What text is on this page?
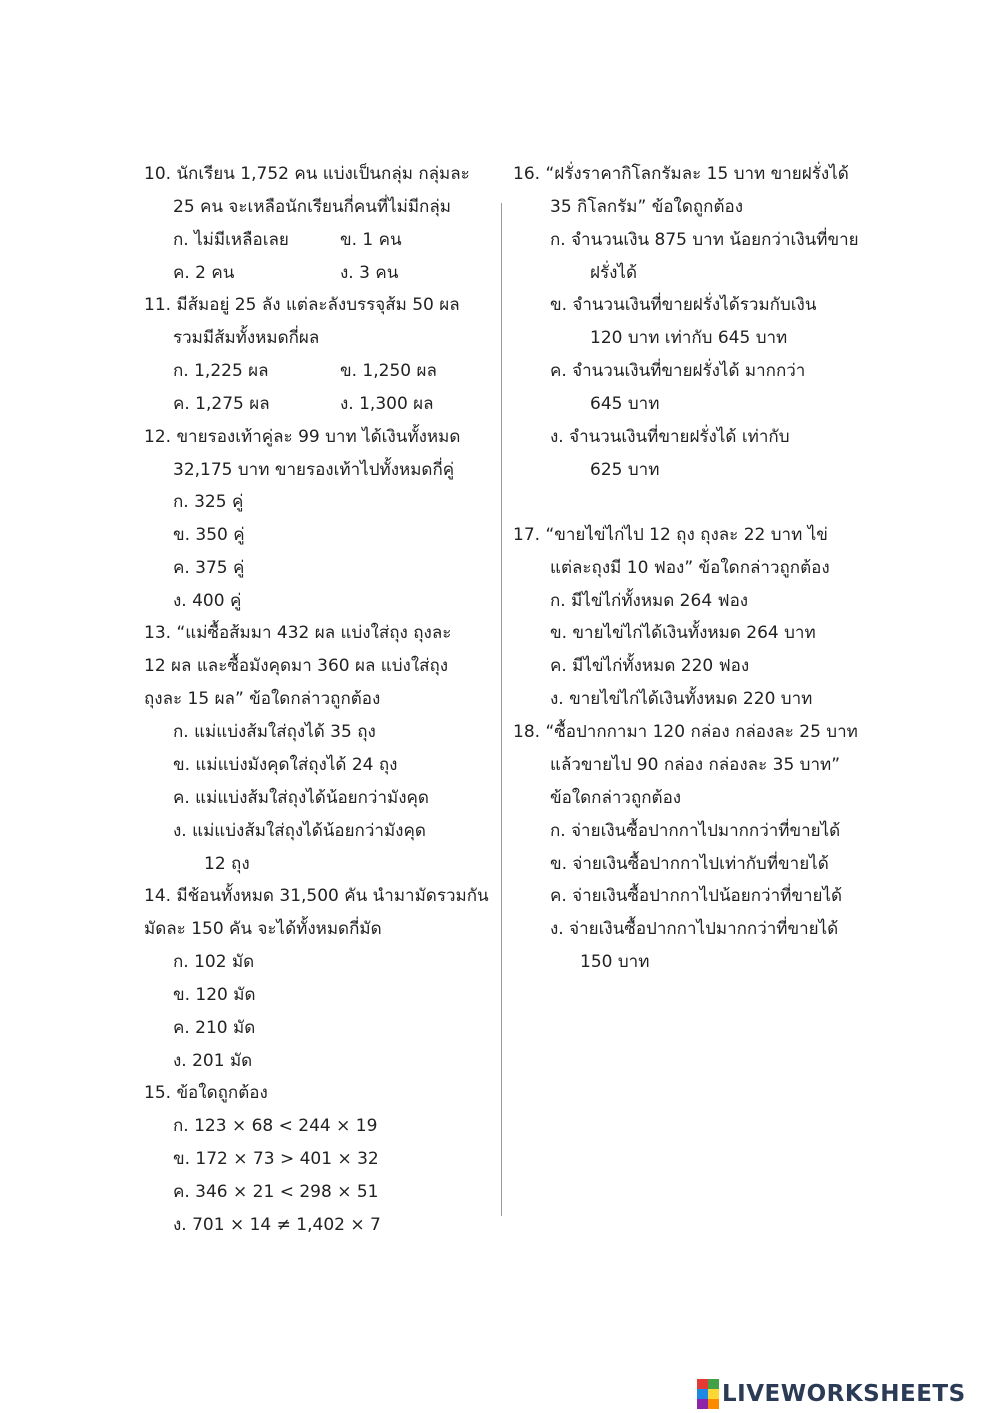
10. นักเรียน 1,752 คน แบ่งเป็นกลุ่ม กลุ่มละ
25 คน จะเหลือนักเรียนกี่คนที่ไม่มีกลุ่ม
ก. ไม่มีเหลือเลย	ข. 1 คน
ค. 2 คน	ง. 3 คน
11. มีส้มอยู่ 25 ลัง แต่ละลังบรรจุส้ม 50 ผล
รวมมีส้มทั้งหมดกี่ผล
ก. 1,225 ผล	ข. 1,250 ผล
ค. 1,275 ผล	ง. 1,300 ผล
12. ขายรองเท้าคู่ละ 99 บาท ได้เงินทั้งหมด
32,175 บาท ขายรองเท้าไปทั้งหมดกี่คู่
ก. 325 คู่
ข. 350 คู่
ค. 375 คู่
ง. 400 คู่
13. “แม่ซื้อส้มมา 432 ผล แบ่งใส่ถุง ถุงละ
12 ผล และซื้อมังคุดมา 360 ผล แบ่งใส่ถุง
ถุงละ 15 ผล” ข้อใดกล่าวถูกต้อง
ก. แม่แบ่งส้มใส่ถุงได้ 35 ถุง
ข. แม่แบ่งมังคุดใส่ถุงได้ 24 ถุง
ค. แม่แบ่งส้มใส่ถุงได้น้อยกว่ามังคุด
ง. แม่แบ่งส้มใส่ถุงได้น้อยกว่ามังคุด
12 ถุง
14. มีช้อนทั้งหมด 31,500 คัน นำมามัดรวมกัน
มัดละ 150 คัน จะได้ทั้งหมดกี่มัด
ก. 102 มัด
ข. 120 มัด
ค. 210 มัด
ง. 201 มัด
15. ข้อใดถูกต้อง
ก. 123 × 68 < 244 × 19
ข. 172 × 73 > 401 × 32
ค. 346 × 21 < 298 × 51
ง. 701 × 14 ≠ 1,402 × 7
16. “ฝรั่งราคากิโลกรัมละ 15 บาท ขายฝรั่งได้
35 กิโลกรัม” ข้อใดถูกต้อง
ก. จำนวนเงิน 875 บาท น้อยกว่าเงินที่ขาย
ฝรั่งได้
ข. จำนวนเงินที่ขายฝรั่งได้รวมกับเงิน
120 บาท เท่ากับ 645 บาท
ค. จำนวนเงินที่ขายฝรั่งได้ มากกว่า
645 บาท
ง. จำนวนเงินที่ขายฝรั่งได้ เท่ากับ
625 บาท
17. “ขายไข่ไก่ไป 12 ถุง ถุงละ 22 บาท ไข่
แต่ละถุงมี 10 ฟอง” ข้อใดกล่าวถูกต้อง
ก. มีไข่ไก่ทั้งหมด 264 ฟอง
ข. ขายไข่ไก่ได้เงินทั้งหมด 264 บาท
ค. มีไข่ไก่ทั้งหมด 220 ฟอง
ง. ขายไข่ไก่ได้เงินทั้งหมด 220 บาท
18. “ซื้อปากกามา 120 กล่อง กล่องละ 25 บาท
แล้วขายไป 90 กล่อง กล่องละ 35 บาท”
ข้อใดกล่าวถูกต้อง
ก. จ่ายเงินซื้อปากกาไปมากกว่าที่ขายได้
ข. จ่ายเงินซื้อปากกาไปเท่ากับที่ขายได้
ค. จ่ายเงินซื้อปากกาไปน้อยกว่าที่ขายได้
ง. จ่ายเงินซื้อปากกาไปมากกว่าที่ขายได้
150 บาท
LIVEWORKSHEETS
